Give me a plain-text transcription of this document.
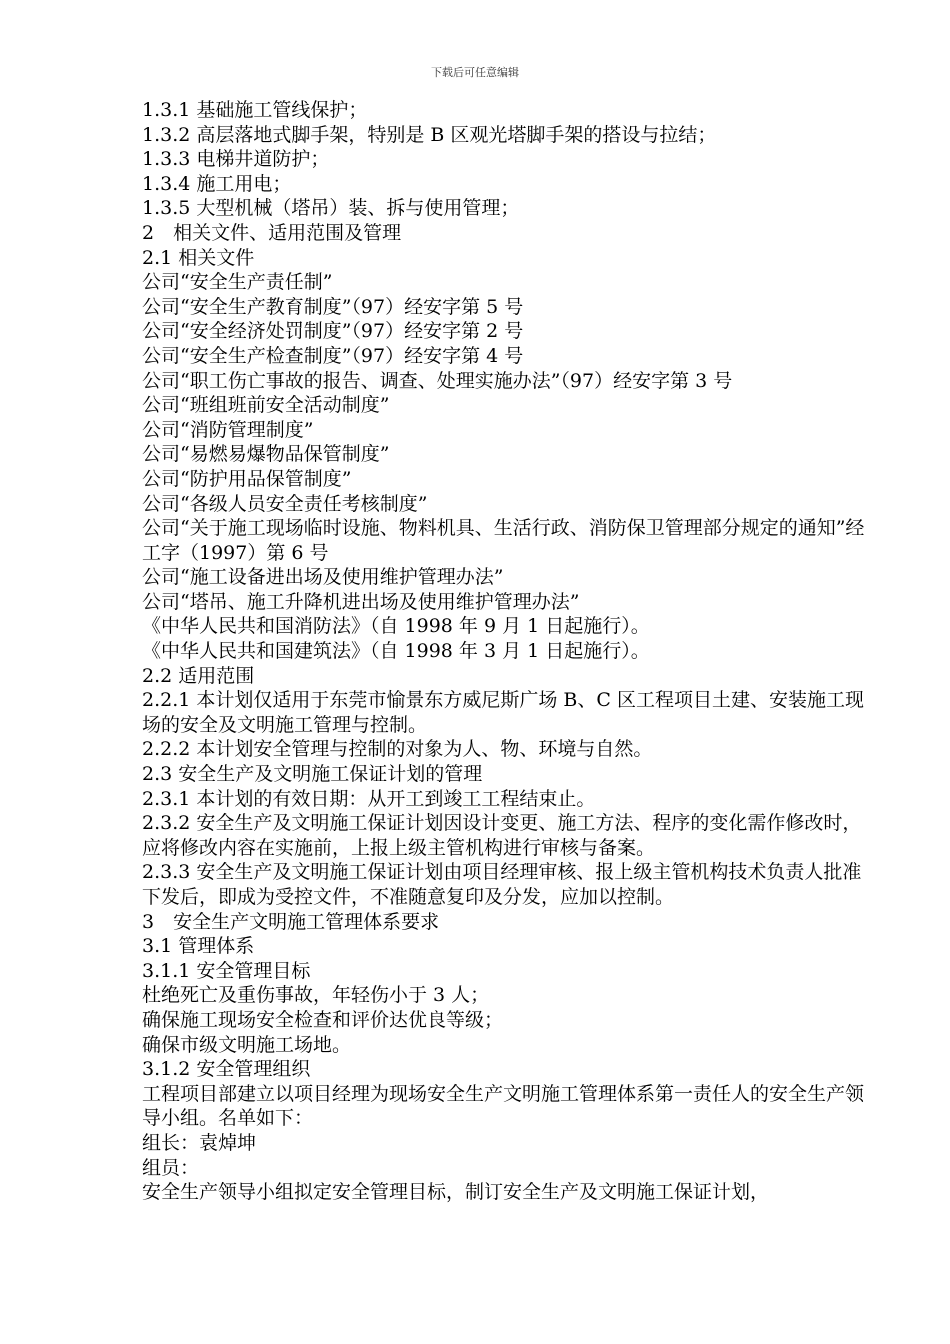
下载后可任意编辑
1.3.1 基础施工管线保护；
1.3.2 高层落地式脚手架，特别是 B 区观光塔脚手架的搭设与拉结；
1.3.3 电梯井道防护；
1.3.4 施工用电；
1.3.5 大型机械（塔吊）装、拆与使用管理；
2　相关文件、适用范围及管理
2.1 相关文件
公司“安全生产责任制”
公司“安全生产教育制度”（97）经安字第 5 号
公司“安全经济处罚制度”（97）经安字第 2 号
公司“安全生产检查制度”（97）经安字第 4 号
公司“职工伤亡事故的报告、调查、处理实施办法”（97）经安字第 3 号
公司“班组班前安全活动制度”
公司“消防管理制度”
公司“易燃易爆物品保管制度”
公司“防护用品保管制度”
公司“各级人员安全责任考核制度”
公司“关于施工现场临时设施、物料机具、生活行政、消防保卫管理部分规定的通知”经工字（1997）第 6 号
公司“施工设备进出场及使用维护管理办法”
公司“塔吊、施工升降机进出场及使用维护管理办法”
《中华人民共和国消防法》（自 1998 年 9 月 1 日起施行）。
《中华人民共和国建筑法》（自 1998 年 3 月 1 日起施行）。
2.2 适用范围
2.2.1 本计划仅适用于东莞市愉景东方威尼斯广场 B、C 区工程项目土建、安装施工现场的安全及文明施工管理与控制。
2.2.2 本计划安全管理与控制的对象为人、物、环境与自然。
2.3 安全生产及文明施工保证计划的管理
2.3.1 本计划的有效日期：从开工到竣工工程结束止。
2.3.2 安全生产及文明施工保证计划因设计变更、施工方法、程序的变化需作修改时，应将修改内容在实施前，上报上级主管机构进行审核与备案。
2.3.3 安全生产及文明施工保证计划由项目经理审核、报上级主管机构技术负责人批准下发后，即成为受控文件，不准随意复印及分发，应加以控制。
3　安全生产文明施工管理体系要求
3.1 管理体系
3.1.1 安全管理目标
杜绝死亡及重伤事故，年轻伤小于 3 人；
确保施工现场安全检查和评价达优良等级；
确保市级文明施工场地。
3.1.2 安全管理组织
工程项目部建立以项目经理为现场安全生产文明施工管理体系第一责任人的安全生产领导小组。名单如下：
组长：袁焯坤
组员：
安全生产领导小组拟定安全管理目标，制订安全生产及文明施工保证计划，
